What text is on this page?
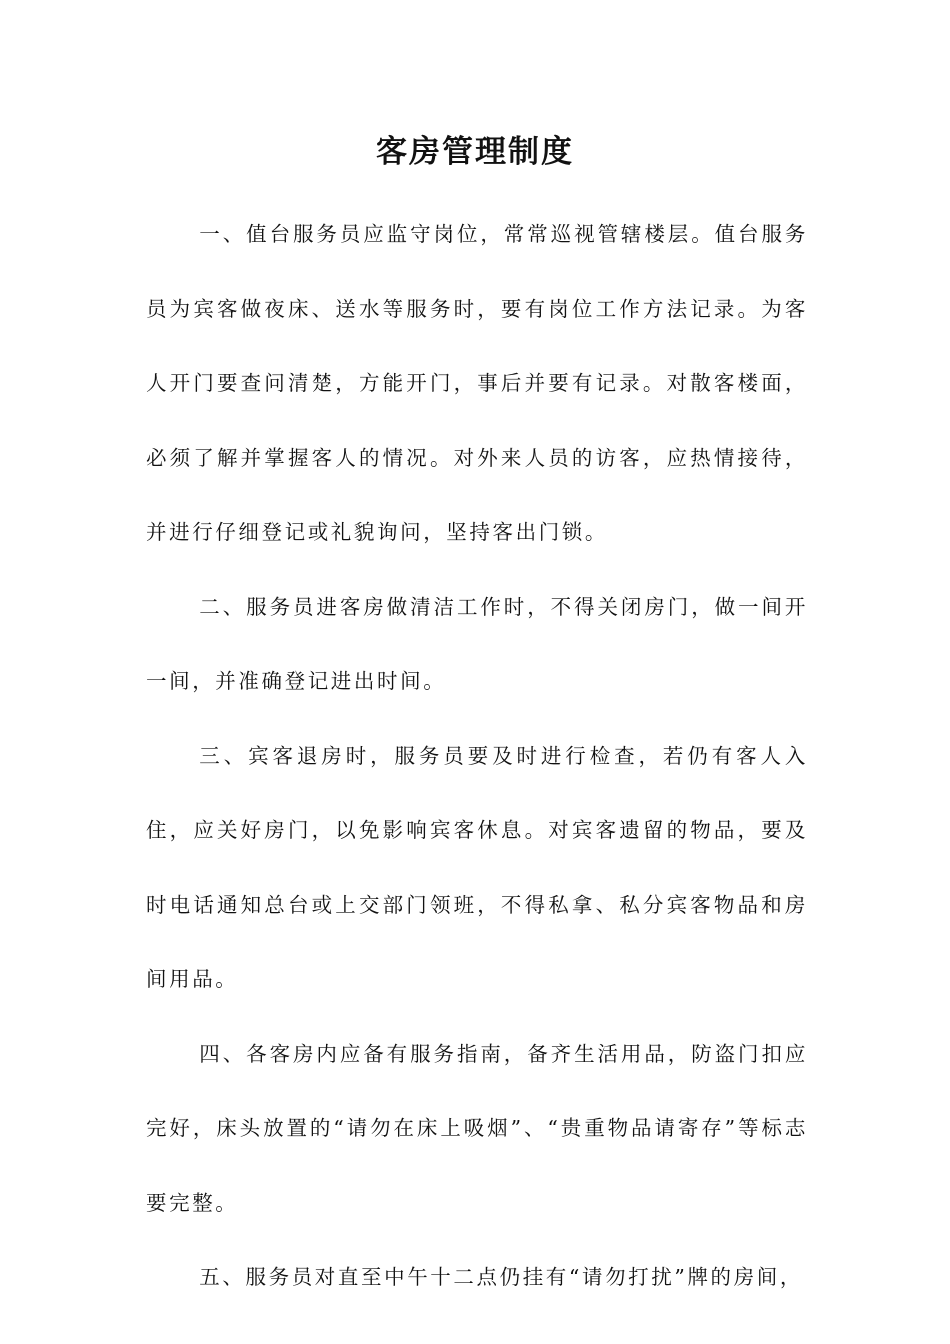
客房管理制度

一、值台服务员应监守岗位，常常巡视管辖楼层。值台服务员为宾客做夜床、送水等服务时，要有岗位工作方法记录。为客人开门要查问清楚，方能开门，事后并要有记录。对散客楼面，必须了解并掌握客人的情况。对外来人员的访客，应热情接待，并进行仔细登记或礼貌询问，坚持客出门锁。

二、服务员进客房做清洁工作时，不得关闭房门，做一间开一间，并准确登记进出时间。

三、宾客退房时，服务员要及时进行检查，若仍有客人入住，应关好房门，以免影响宾客休息。对宾客遗留的物品，要及时电话通知总台或上交部门领班，不得私拿、私分宾客物品和房间用品。

四、各客房内应备有服务指南，备齐生活用品，防盗门扣应完好，床头放置的“请勿在床上吸烟”、“贵重物品请寄存”等标志要完整。

五、服务员对直至中午十二点仍挂有“请勿打扰”牌的房间，
